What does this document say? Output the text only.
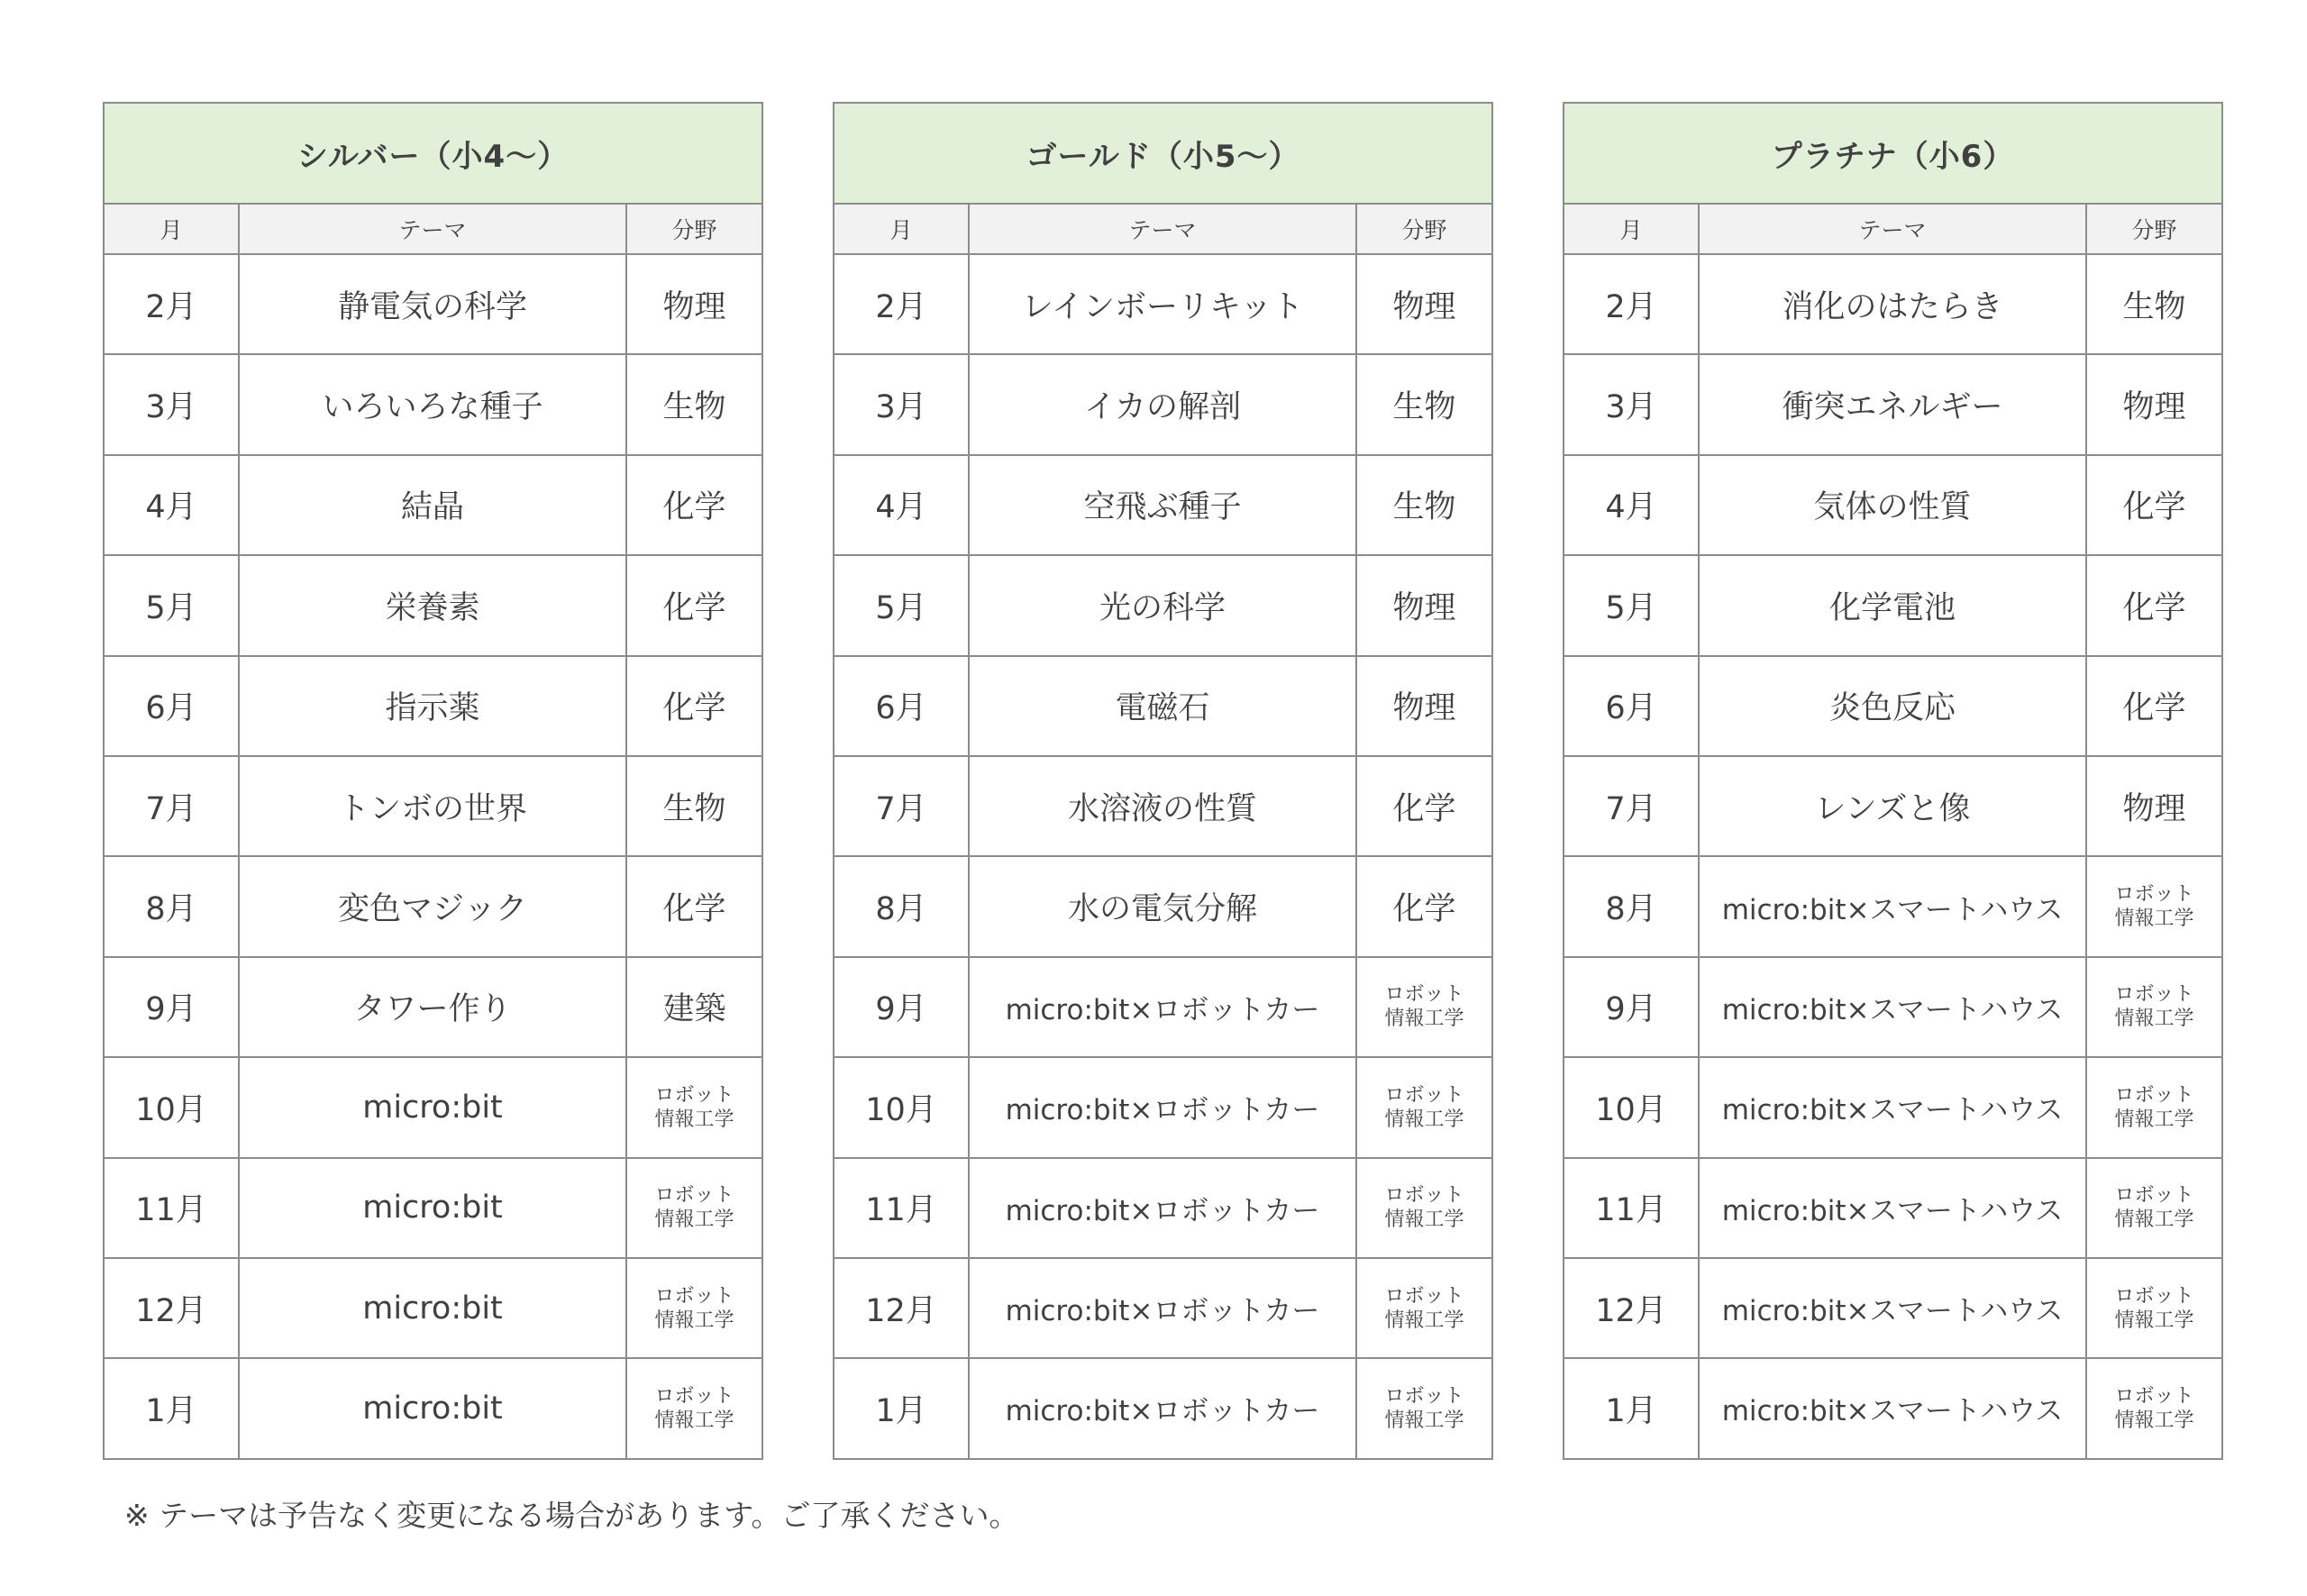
シルバー（小4〜）		
月	テーマ	分野
2月	静電気の科学	物理

3月	いろいろな種子	生物

4月	結晶	化学

5月	栄養素	化学

6月	指示薬	化学

7月	トンボの世界	生物

8月	変色マジック	化学

9月	タワー作り	建築

10月	micro:bit	ロボット
情報工学

11月	micro:bit	ロボット
情報工学

12月	micro:bit	ロボット
情報工学

1月	micro:bit	ロボット
情報工学
ゴールド（小5〜）		
月	テーマ	分野
2月	レインボーリキット	物理

3月	イカの解剖	生物

4月	空飛ぶ種子	生物

5月	光の科学	物理

6月	電磁石	物理

7月	水溶液の性質	化学

8月	水の電気分解	化学

9月	micro:bit×ロボットカー	ロボット
情報工学

10月	micro:bit×ロボットカー	ロボット
情報工学

11月	micro:bit×ロボットカー	ロボット
情報工学

12月	micro:bit×ロボットカー	ロボット
情報工学

1月	micro:bit×ロボットカー	ロボット
情報工学
プラチナ（小6）		
月	テーマ	分野
2月	消化のはたらき	生物

3月	衝突エネルギー	物理

4月	気体の性質	化学

5月	化学電池	化学

6月	炎色反応	化学

7月	レンズと像	物理

8月	micro:bit×スマートハウス	ロボット
情報工学

9月	micro:bit×スマートハウス	ロボット
情報工学

10月	micro:bit×スマートハウス	ロボット
情報工学

11月	micro:bit×スマートハウス	ロボット
情報工学

12月	micro:bit×スマートハウス	ロボット
情報工学

1月	micro:bit×スマートハウス	ロボット
情報工学
※ テーマは予告なく変更になる場合があります。ご了承ください。
